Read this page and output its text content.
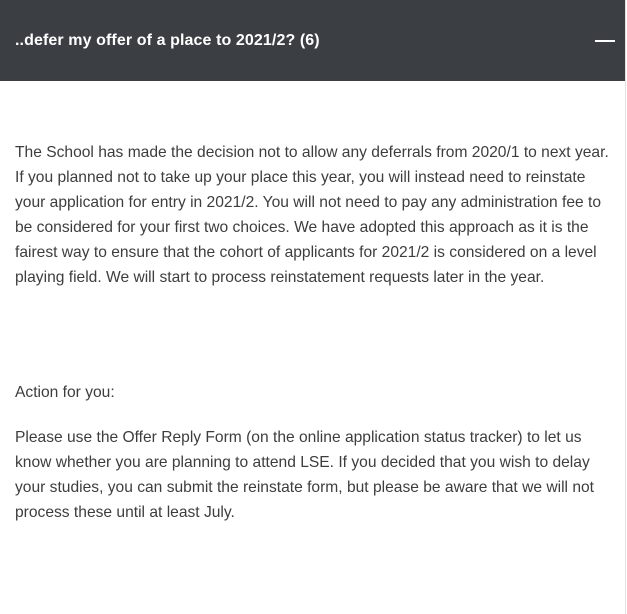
..defer my offer of a place to 2021/2? (6)

The School has made the decision not to allow any deferrals from 2020/1 to next year. If you planned not to take up your place this year, you will instead need to reinstate your application for entry in 2021/2. You will not need to pay any administration fee to be considered for your first two choices. We have adopted this approach as it is the fairest way to ensure that the cohort of applicants for 2021/2 is considered on a level playing field. We will start to process reinstatement requests later in the year.

Action for you:

Please use the Offer Reply Form (on the online application status tracker) to let us know whether you are planning to attend LSE. If you decided that you wish to delay your studies, you can submit the reinstate form, but please be aware that we will not process these until at least July.
